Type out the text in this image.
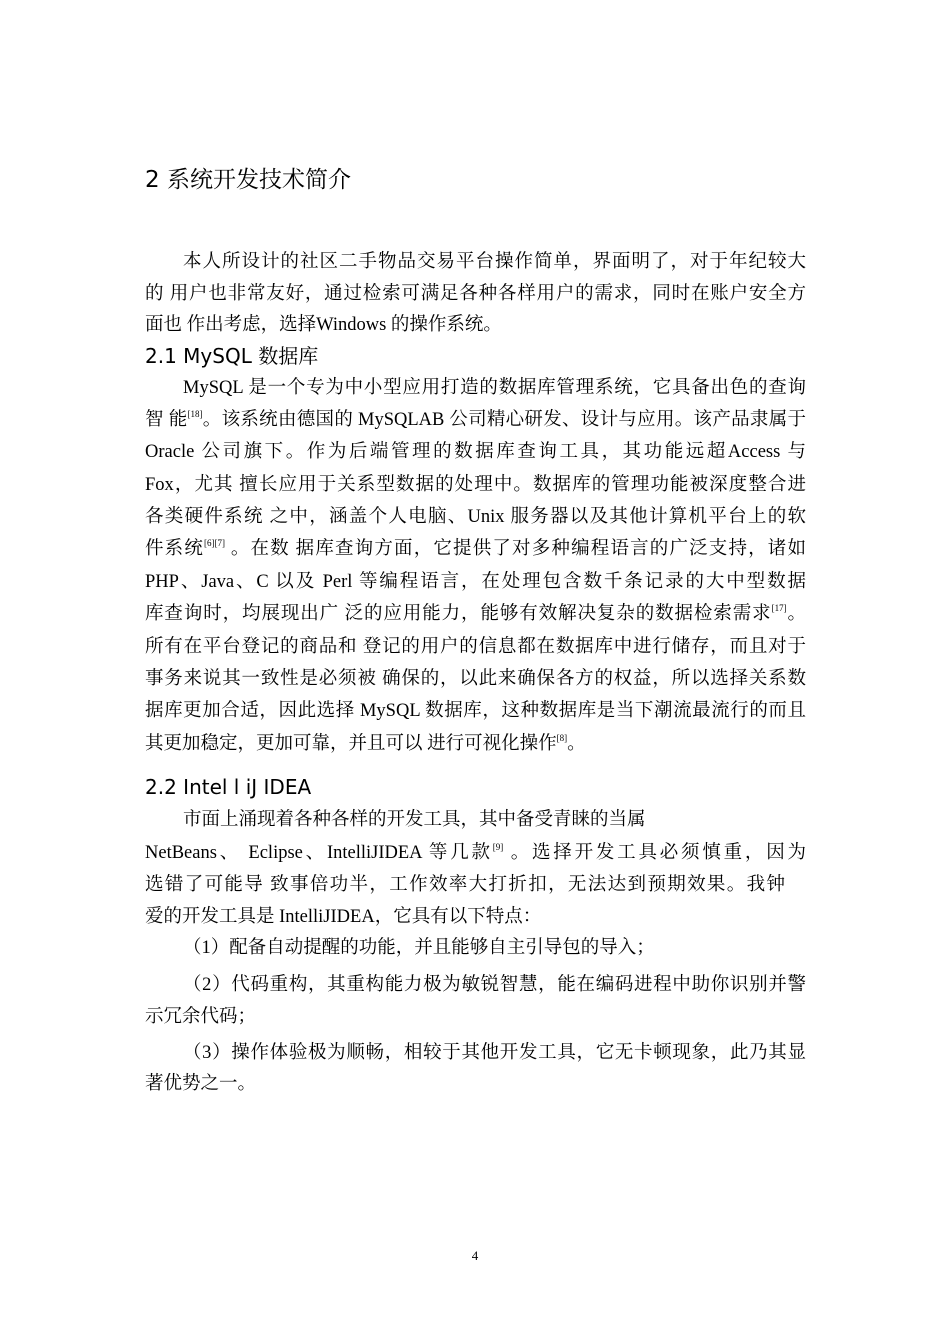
2 系统开发技术简介
本人所设计的社区二手物品交易平台操作简单，界面明了，对于年纪较大
的 用户也非常友好，通过检索可满足各种各样用户的需求，同时在账户安全方
面也 作出考虑，选择Windows 的操作系统。
2.1 MySQL 数据库
MySQL 是一个专为中小型应用打造的数据库管理系统，它具备出色的查询
智 能[18]。该系统由德国的 MySQLAB 公司精心研发、设计与应用。该产品隶属于
Oracle 公司旗下。作为后端管理的数据库查询工具，其功能远超Access 与
Fox，尤其 擅长应用于关系型数据的处理中。数据库的管理功能被深度整合进
各类硬件系统 之中，涵盖个人电脑、Unix 服务器以及其他计算机平台上的软
件系统[6][7] 。在数 据库查询方面，它提供了对多种编程语言的广泛支持，诸如
PHP、Java、C 以及 Perl 等编程语言，在处理包含数千条记录的大中型数据
库查询时，均展现出广 泛的应用能力，能够有效解决复杂的数据检索需求[17]。
所有在平台登记的商品和 登记的用户的信息都在数据库中进行储存，而且对于
事务来说其一致性是必须被 确保的，以此来确保各方的权益，所以选择关系数
据库更加合适，因此选择 MySQL 数据库，这种数据库是当下潮流最流行的而且
其更加稳定，更加可靠，并且可以 进行可视化操作[8]。
2.2 Intel l iJ IDEA
市面上涌现着各种各样的开发工具，其中备受青睐的当属
NetBeans、 Eclipse、IntelliJIDEA 等几款[9] 。选择开发工具必须慎重，因为
选错了可能导 致事倍功半，工作效率大打折扣，无法达到预期效果。我钟
爱的开发工具是 IntelliJIDEA，它具有以下特点：
（1）配备自动提醒的功能，并且能够自主引导包的导入；
（2）代码重构，其重构能力极为敏锐智慧，能在编码进程中助你识别并警
示冗余代码；
（3）操作体验极为顺畅，相较于其他开发工具，它无卡顿现象，此乃其显
著优势之一。
4
